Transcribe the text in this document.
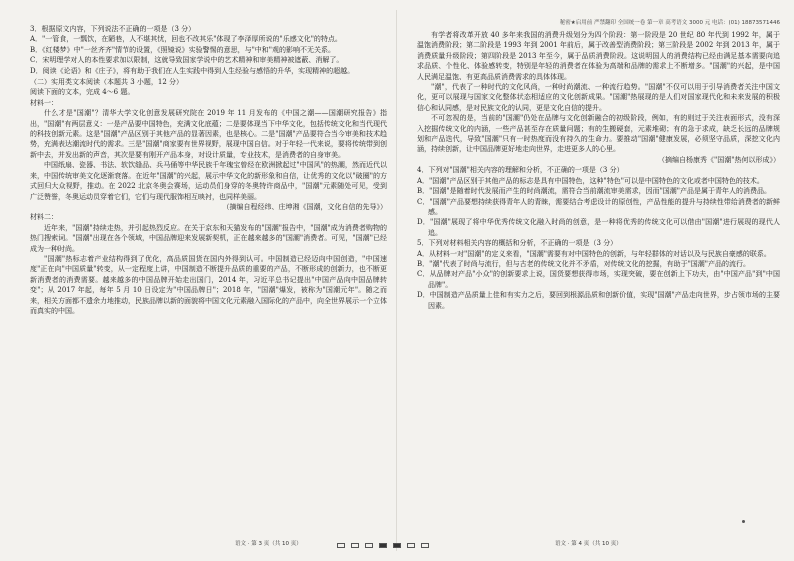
3．根据原文内容，下列说法不正确的一项是（3 分）

A．"一管食，一瓢饮，在陋巷，人不堪其忧，回也不改其乐"体现了李泽厚所说的"乐感文化"的特点。

B．《红楼梦》中"一丝齐齐"情节的设置，《照镜说》实验警惕的意思，与"中和"观的影响不无关系。

C．宋明理学对人的本性要求加以限制，这就导致国家学说中的艺术精神和审美精神被遮蔽、消解了。

D．阅读《论语》和《庄子》，将有助于我们在人生实践中得到人生经验与感悟的升华，实现精神的超越。

（二）实用类文本阅读（本题共 3 小题，12 分）

阅读下面的文本，完成 4～6 题。

材料一：

什么才是"国潮"？清华大学文化创意发展研究院在 2019 年 11 月发布的《中国之潮——国潮研究报告》指出，"国潮"有两层意义：一是产品要中国特色，充满文化底蕴；二是要体现当下中华文化，包括传统文化和当代现代的科技创新元素。这是"国潮"产品区别于其他产品的显著因素，也是核心。二是"国潮"产品要符合当今审美和技术趋势，充满表达潮流时代的需求。三是"国潮"商家要有世界视野，展现中国自信。对于年轻一代来说，要将传统带到创新中去，并发出新的声音，其次是要有刚开产品本身，对设计质量，专业技术，是消费者的自身审美。

中国纸扇、瓷器、书法、软饮缝品、兵马俑等中华民族千年瑰宝曾经在欧洲掀起过"中国风"的热潮，然而近代以来，中国传统审美文化逐渐衰落。在近年"国潮"的兴起，展示中华文化的新形象和自信，让优秀的文化以"破圈"的方式回归大众视野，推动。在 2022 北京冬奥会赛场，运动员们身穿的冬奥特许商品中，"国潮"元素随处可见，受到广泛赞誉，冬奥运动员穿着它们，它们与现代服饰相互映衬，也同样美丽。

（摘编自程经纬、庄坤湘《国潮，文化自信的先导》）

材料二：

近年来，"国潮"持续走热，并引起热烈反应。在关于京东和天猫发布的"国潮"报告中，"国潮"成为消费者购物的热门搜索词。"国潮"出现在各个领域，中国品牌迎来发展新契机，正在越来越多的"国潮"消费者。可见，"国潮"已经成为一种时尚。

"国潮"热标志着产业结构得到了优化，高品质国货在国内外得到认可。中国制造已经迈向中国创造，"中国速度"正在向"中国质量"转变，从一定程度上讲，中国制造不断提升品质的重要的产品，不断形成的创新力，也不断更新消费者的消费需要。越来越多的中国品牌开始走出国门，2014 年，习近平总书记提出"中国产品向中国品牌转变"；从 2017 年起，每年 5 月 10 日设定为"中国品牌日"；2018 年，"国潮"爆发，被称为"国潮元年"。随之而来，相关方面都不遗余力地推动，民族品牌以新的面貌将中国文化元素融入国际化的产品中，向全世界展示一个立体而真实的中国。

语文 · 第 3 页（共 10 页）
秘密★启用前 严禁翻印 全国统一卷 第一章 高考语文 3000 元 电话：(01) 18873571446

有学者将改革开放 40 多年来我国的消费升级划分为四个阶段：第一阶段是 20 世纪 80 年代到 1992 年，属于温饱消费阶段；第二阶段是 1993 年到 2001 年前后，属于改善型消费阶段；第三阶段是 2002 年到 2013 年，属于消费质量升级阶段；第四阶段是 2013 年至今，属于品质消费阶段。这说明国人的消费结构已经由满足基本需要向追求品质、个性化、体验感转变，特别是年轻的消费者在体验为高端和品牌的需求上不断增多。"国潮"的兴起，是中国人民满足温饱、有更高品质消费需求的具体体现。

"潮"，代表了一种时代的文化风尚，一种时尚潮流、一种流行趋势。"国潮"不仅可以用于引导消费者关注中国文化，更可以展现与国家文化整体状态相适应的文化创新成果。"国潮"热展现的是人们对国家现代化和未来发展的积极信心和认同感，是对民族文化的认同，更是文化自信的提升。

不可忽视的是，当前的"国潮"仍处在品牌与文化创新融合的初级阶段，例如，有的则过于关注表面形式，没有深入挖掘传统文化的内涵，一些产品甚至存在质量问题；有的生搬硬套，元素堆砌；有的急于求成，缺乏长远的品牌规划和产品迭代，导致"国潮"只有一时热度而没有持久的生命力。要推动"国潮"健康发展，必须坚守品质，深挖文化内涵，持续创新，让中国品牌更好地走向世界，走进更多人的心里。

（摘编自杨康秀《"国潮"热何以形成》）

4．下列对"国潮"相关内容的理解和分析，不正确的一项是（3 分）

A．"国潮"产品区别于其他产品的标志是具有中国特色，这种"特色"可以是中国特色的文化或者中国特色的技术。

B．"国潮"是随着时代发展而产生的时尚潮流，需符合当前潮流审美需求，因而"国潮"产品是属于青年人的消费品。

C．"国潮"产品要想持续获得青年人的青睐，需要结合考虑设计的原创性，产品性能的提升与持续性带给消费者的新鲜感。

D．"国潮"展现了将中华优秀传统文化融入时尚的创意，是一种将优秀的传统文化可以借由"国潮"进行展现的现代人追。

5．下列对材料相关内容的概括和分析，不正确的一项是（3 分）

A．从材料一对"国潮"的定义来看，"国潮"需要有对中国特色的创新，与年轻群体的对话以及与民族自豪感的联系。

B．"潮"代表了时尚与流行，但与古老的传统文化并不矛盾，对传统文化的挖掘，有助于"国潮"产品的流行。

C．从品牌对产品"小众"的创新要求上说，国货要想获得市场，实现突破，要在创新上下功夫，由"中国产品"到"中国品牌"。

D．中国制造产品质量上佳和有实力之后，要回到根源品质和创新价值，实现"国潮"产品走向世界，步占领市场的主要因素。

语文 · 第 4 页（共 10 页）
